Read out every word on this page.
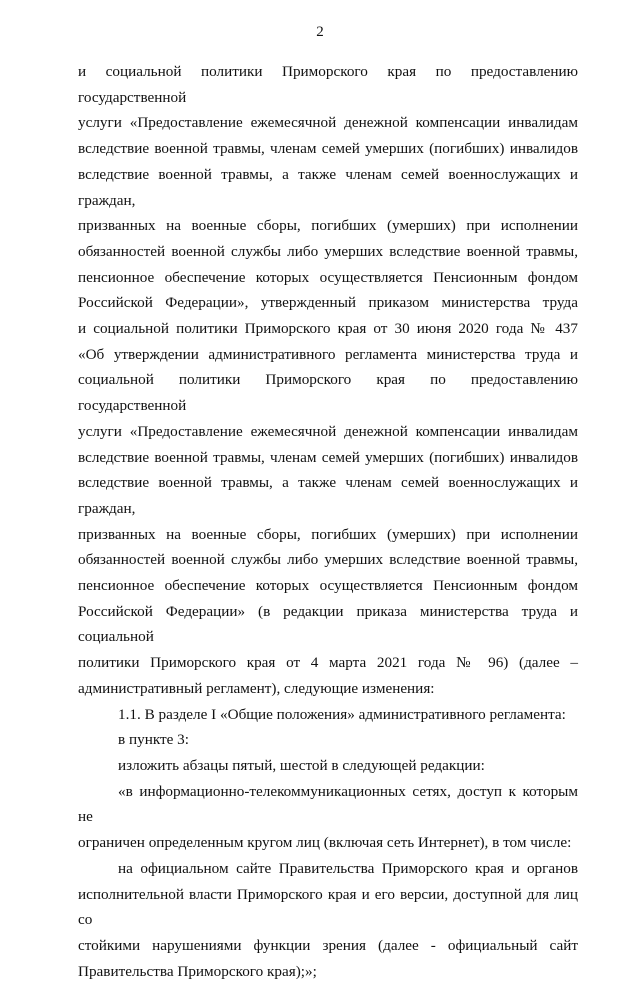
2

и социальной политики Приморского края по предоставлению государственной

услуги «Предоставление ежемесячной денежной компенсации инвалидам

вследствие военной травмы, членам семей умерших (погибших) инвалидов

вследствие военной травмы, а также членам семей военнослужащих и граждан,

призванных на военные сборы, погибших (умерших) при исполнении

обязанностей военной службы либо умерших вследствие военной травмы,

пенсионное обеспечение которых осуществляется Пенсионным фондом

Российской Федерации», утвержденный приказом министерства труда

и социальной политики Приморского края от 30 июня 2020 года № 437

«Об утверждении административного регламента министерства труда и

социальной политики Приморского края по предоставлению государственной

услуги «Предоставление ежемесячной денежной компенсации инвалидам

вследствие военной травмы, членам семей умерших (погибших) инвалидов

вследствие военной травмы, а также членам семей военнослужащих и граждан,

призванных на военные сборы, погибших (умерших) при исполнении

обязанностей военной службы либо умерших вследствие военной травмы,

пенсионное обеспечение которых осуществляется Пенсионным фондом

Российской Федерации» (в редакции приказа министерства труда и социальной

политики Приморского края от 4 марта 2021 года № 96) (далее –

административный регламент), следующие изменения:

1.1. В разделе I «Общие положения» административного регламента:

в пункте 3:

изложить абзацы пятый, шестой в следующей редакции:

«в информационно-телекоммуникационных сетях, доступ к которым не

ограничен определенным кругом лиц (включая сеть Интернет), в том числе:

на официальном сайте Правительства Приморского края и органов

исполнительной власти Приморского края и его версии, доступной для лиц со

стойкими нарушениями функции зрения (далее - официальный сайт

Правительства Приморского края);»;
